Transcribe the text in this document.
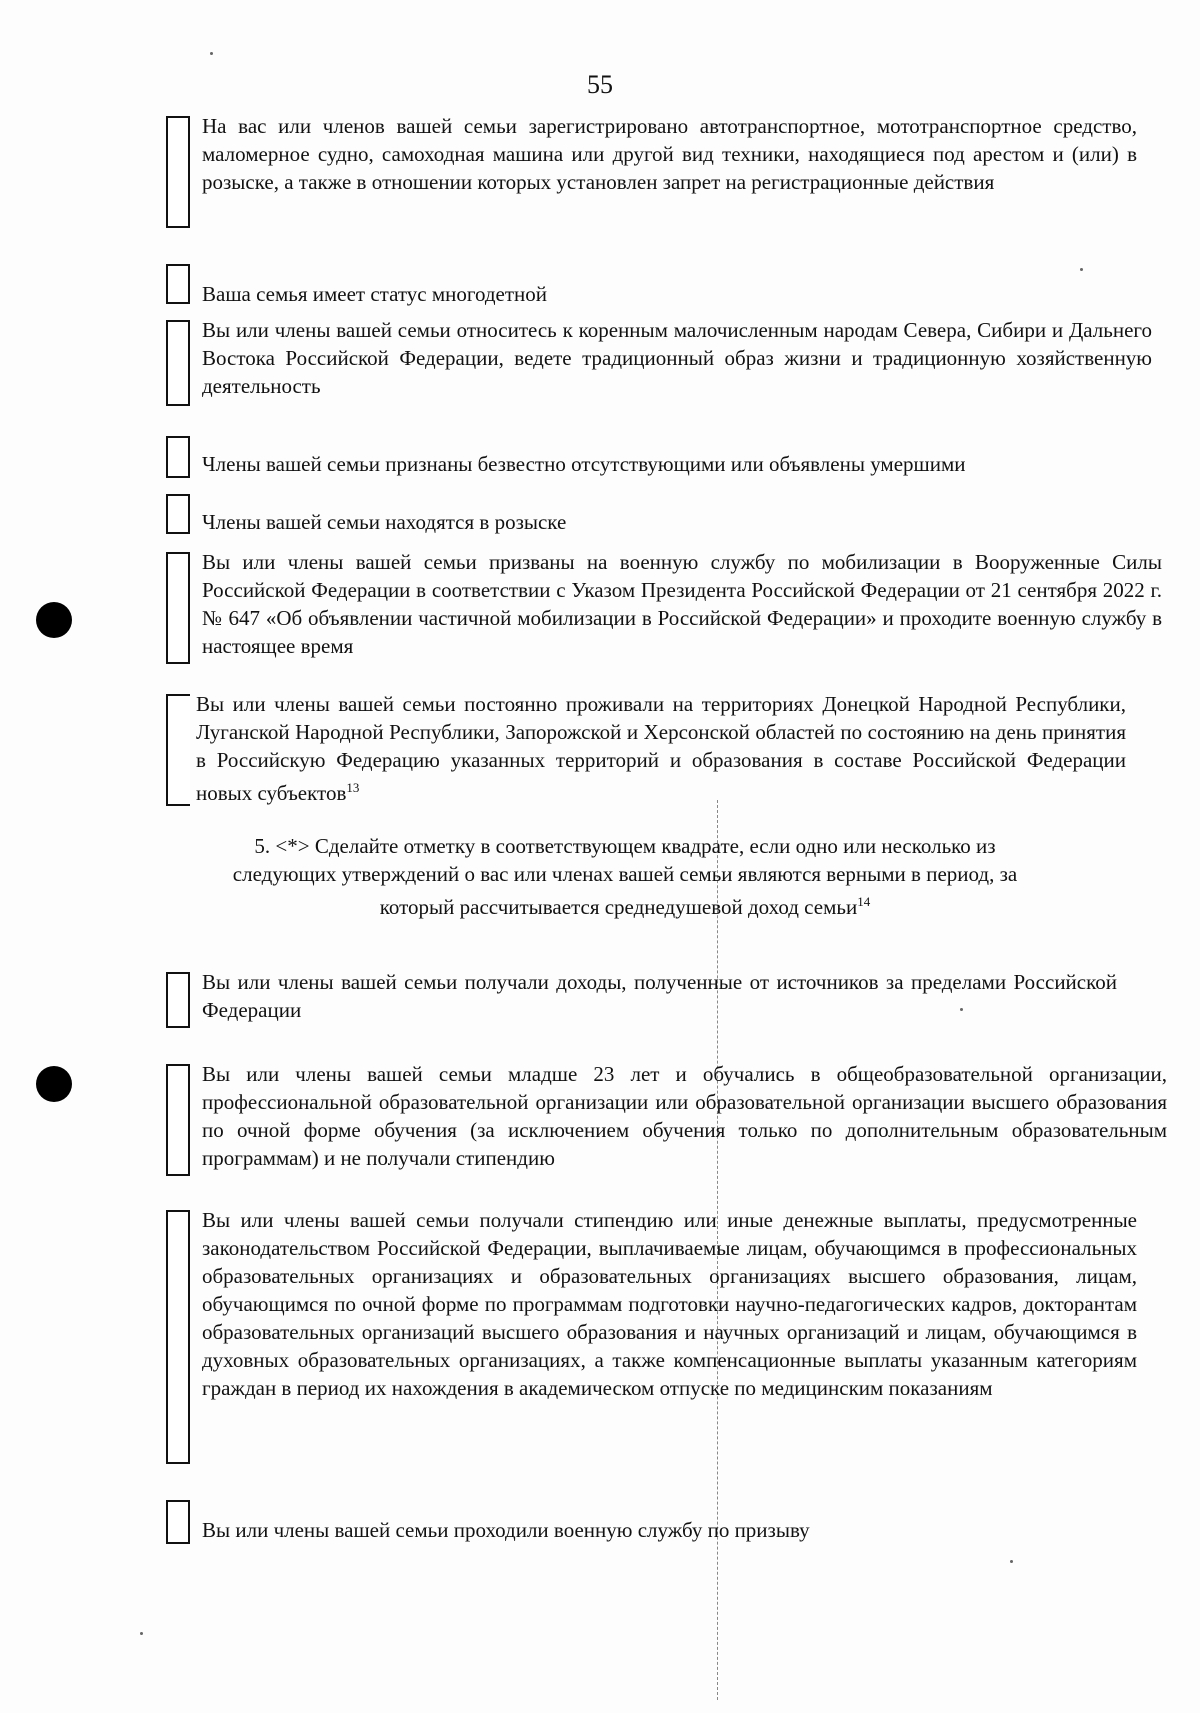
55
На вас или членов вашей семьи зарегистрировано автотранспортное, мототранспортное средство, маломерное судно, самоходная машина или другой вид техники, находящиеся под арестом и (или) в розыске, а также в отношении которых установлен запрет на регистрационные действия
Ваша семья имеет статус многодетной
Вы или члены вашей семьи относитесь к коренным малочисленным народам Севера, Сибири и Дальнего Востока Российской Федерации, ведете традиционный образ жизни и традиционную хозяйственную деятельность
Члены вашей семьи признаны безвестно отсутствующими или объявлены умершими
Члены вашей семьи находятся в розыске
Вы или члены вашей семьи призваны на военную службу по мобилизации в Вооруженные Силы Российской Федерации в соответствии с Указом Президента Российской Федерации от 21 сентября 2022 г. № 647 «Об объявлении частичной мобилизации в Российской Федерации» и проходите военную службу в настоящее время
Вы или члены вашей семьи постоянно проживали на территориях Донецкой Народной Республики, Луганской Народной Республики, Запорожской и Херсонской областей по состоянию на день принятия в Российскую Федерацию указанных территорий и образования в составе Российской Федерации новых субъектов$^{13}$
5. <*> Сделайте отметку в соответствующем квадрате, если одно или несколько из следующих утверждений о вас или членах вашей семьи являются верными в период, за который рассчитывается среднедушевой доход семьи$^{14}$
Вы или члены вашей семьи получали доходы, полученные от источников за пределами Российской Федерации
Вы или члены вашей семьи младше 23 лет и обучались в общеобразовательной организации, профессиональной образовательной организации или образовательной организации высшего образования по очной форме обучения (за исключением обучения только по дополнительным образовательным программам) и не получали стипендию
Вы или члены вашей семьи получали стипендию или иные денежные выплаты, предусмотренные законодательством Российской Федерации, выплачиваемые лицам, обучающимся в профессиональных образовательных организациях и образовательных организациях высшего образования, лицам, обучающимся по очной форме по программам подготовки научно-педагогических кадров, докторантам образовательных организаций высшего образования и научных организаций и лицам, обучающимся в духовных образовательных организациях, а также компенсационные выплаты указанным категориям граждан в период их нахождения в академическом отпуске по медицинским показаниям
Вы или члены вашей семьи проходили военную службу по призыву
